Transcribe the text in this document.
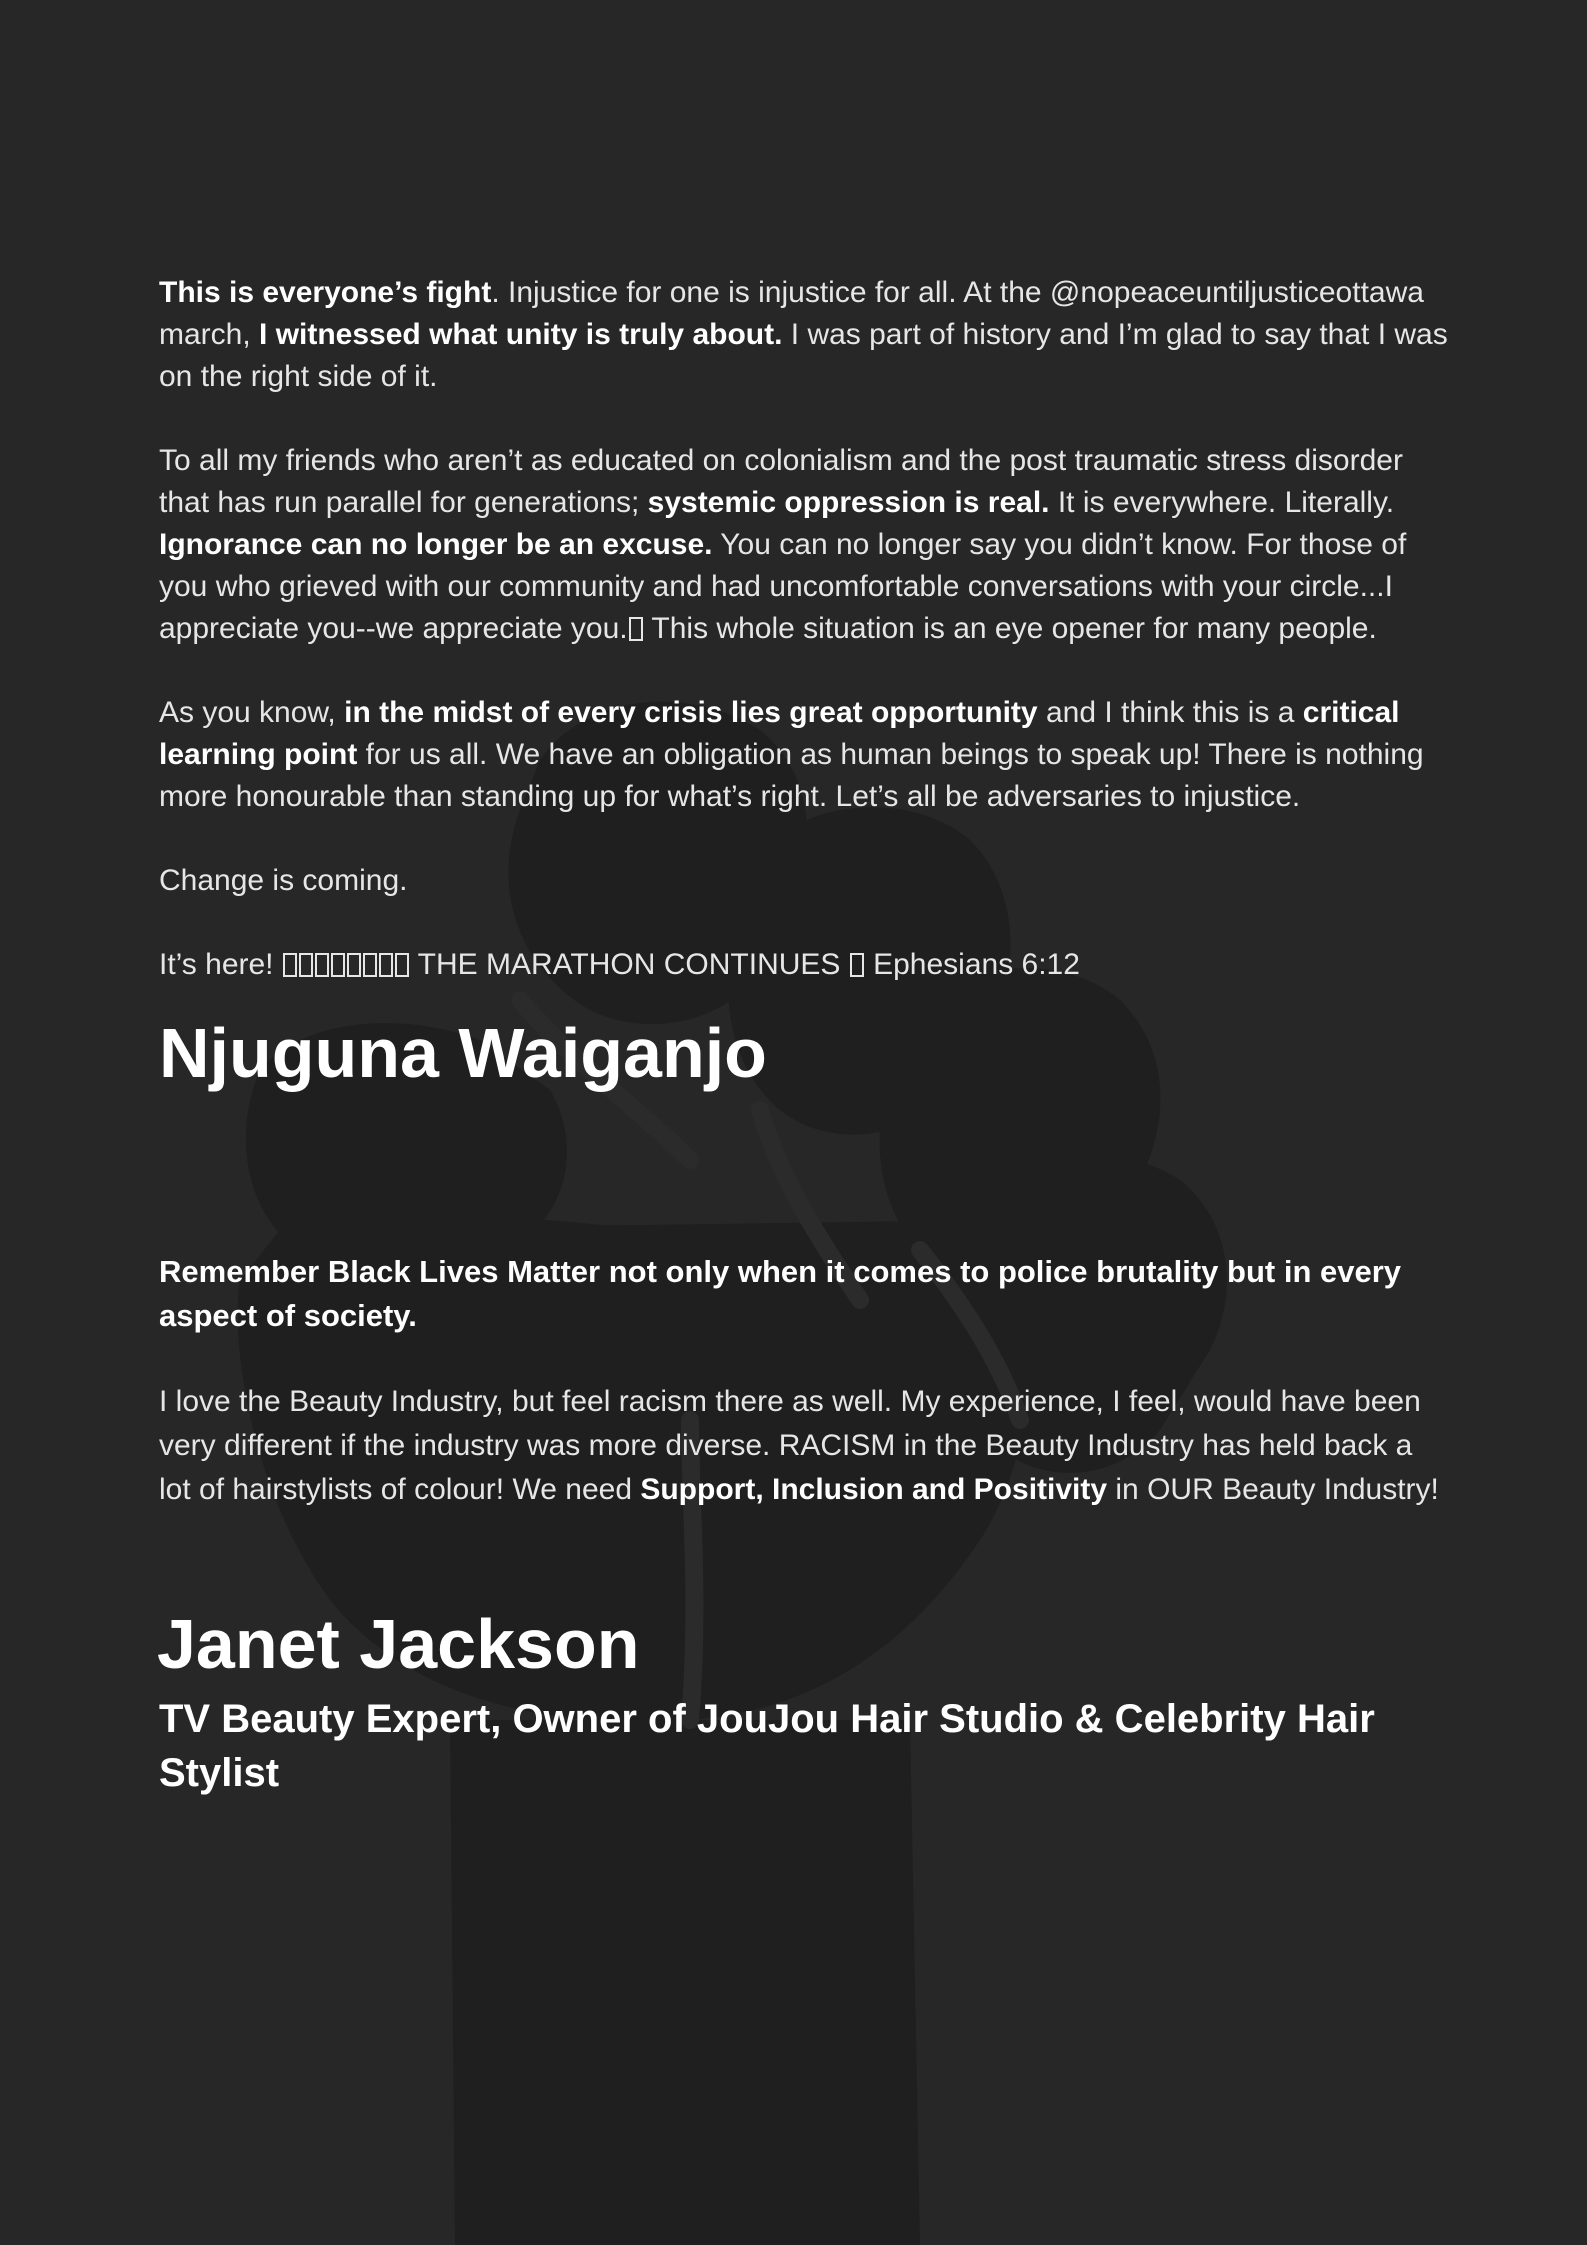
This is everyone’s fight. Injustice for one is injustice for all. At the @nopeaceuntiljusticeottawa march, I witnessed what unity is truly about. I was part of history and I’m glad to say that I was on the right side of it.

To all my friends who aren’t as educated on colonialism and the post traumatic stress disorder that has run parallel for generations; systemic oppression is real. It is everywhere. Literally. Ignorance can no longer be an excuse. You can no longer say you didn’t know. For those of you who grieved with our community and had uncomfortable conversations with your circle...I appreciate you--we appreciate you. This whole situation is an eye opener for many people.

As you know, in the midst of every crisis lies great opportunity and I think this is a critical learning point for us all. We have an obligation as human beings to speak up! There is nothing more honourable than standing up for what’s right. Let’s all be adversaries to injustice.

Change is coming.

It’s here!	THE MARATHON CONTINUES  Ephesians 6:12

Njuguna Waiganjo

Remember Black Lives Matter not only when it comes to police brutality but in every aspect of society.

I love the Beauty Industry, but feel racism there as well. My experience, I feel, would have been very different if the industry was more diverse. RACISM in the Beauty Industry has held back a lot of hairstylists of colour! We need Support, Inclusion and Positivity in OUR Beauty Industry!

Janet Jackson
TV Beauty Expert, Owner of JouJou Hair Studio & Celebrity Hair Stylist
